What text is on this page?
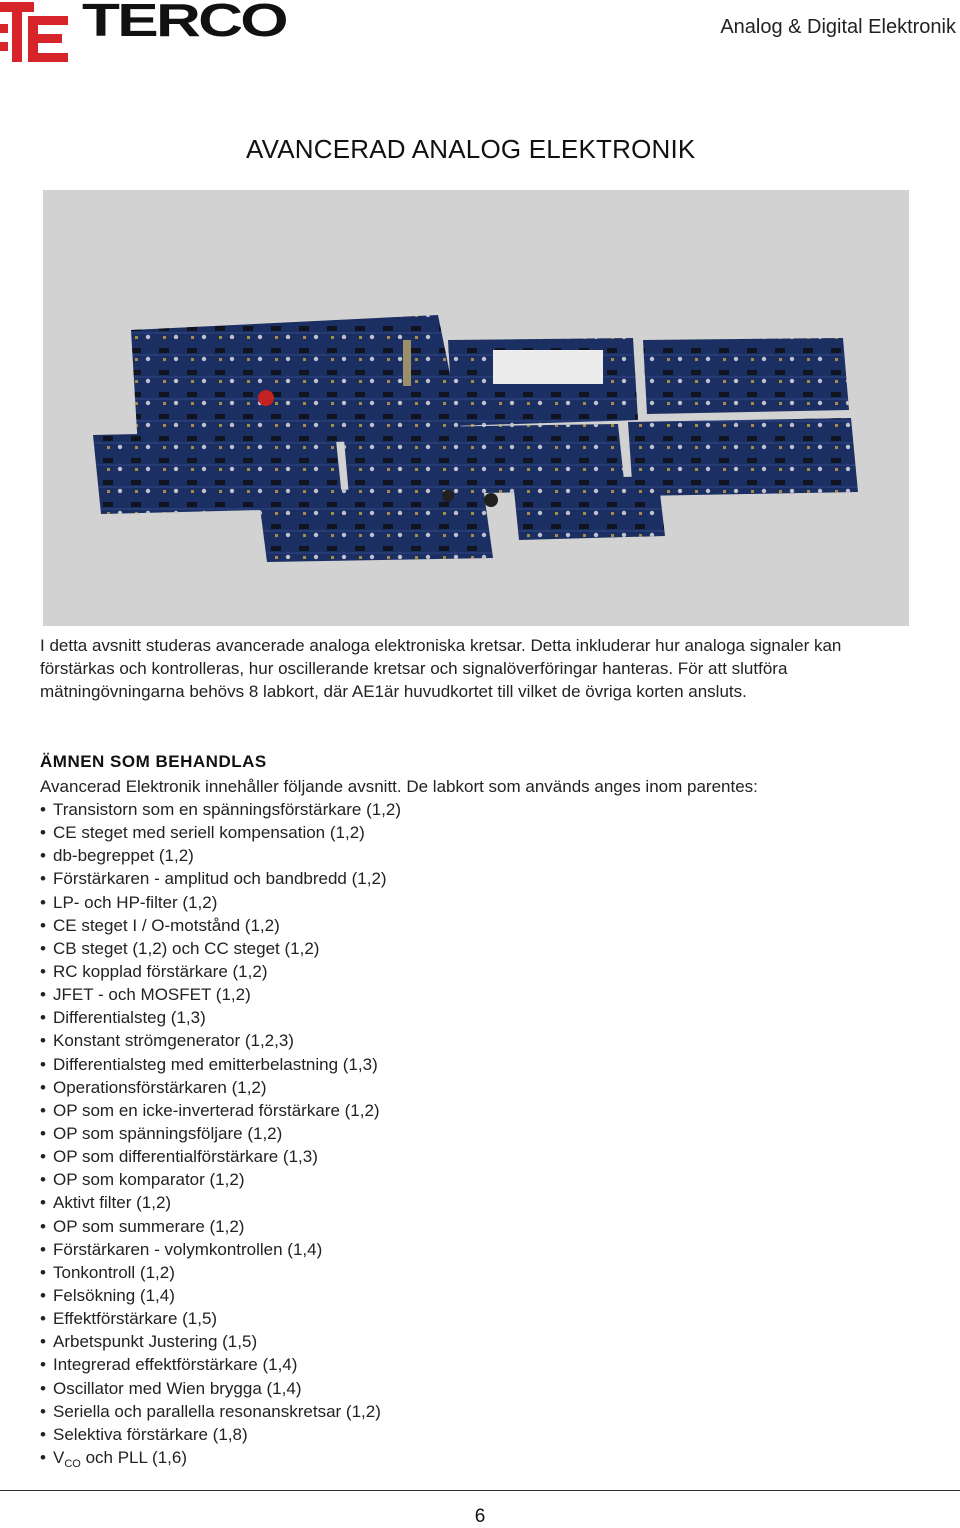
TERCO	Analog & Digital Elektronik
AVANCERAD ANALOG ELEKTRONIK

I detta avsnitt studeras avancerade analoga elektroniska kretsar. Detta inkluderar hur analoga signaler kan förstärkas och kontrolleras, hur oscillerande kretsar och signalöverföringar hanteras. För att slutföra mätningövningarna behövs 8 labkort, där AE1är huvudkortet till vilket de övriga korten ansluts.

ÄMNEN SOM BEHANDLAS

Avancerad Elektronik innehåller följande avsnitt. De labkort som används anges inom parentes:

• Transistorn som en spänningsförstärkare (1,2)
• CE steget med seriell kompensation (1,2)
• db-begreppet (1,2)
• Förstärkaren - amplitud och bandbredd (1,2)
• LP- och HP-filter (1,2)
• CE steget I / O-motstånd (1,2)
• CB steget (1,2) och CC steget (1,2)
• RC kopplad förstärkare (1,2)
• JFET - och MOSFET (1,2)
• Differentialsteg (1,3)
• Konstant strömgenerator (1,2,3)
• Differentialsteg med emitterbelastning (1,3)
• Operationsförstärkaren (1,2)
• OP som en icke-inverterad förstärkare (1,2)
• OP som spänningsföljare (1,2)
• OP som differentialförstärkare (1,3)
• OP som komparator (1,2)
• Aktivt filter (1,2)
• OP som summerare (1,2)
• Förstärkaren - volymkontrollen (1,4)
• Tonkontroll (1,2)
• Felsökning (1,4)
• Effektförstärkare (1,5)
• Arbetspunkt Justering (1,5)
• Integrerad effektförstärkare (1,4)
• Oscillator med Wien brygga (1,4)
• Seriella och parallella resonanskretsar (1,2)
• Selektiva förstärkare (1,8)
• $V_{CO}$ och PLL (1,6)
6
